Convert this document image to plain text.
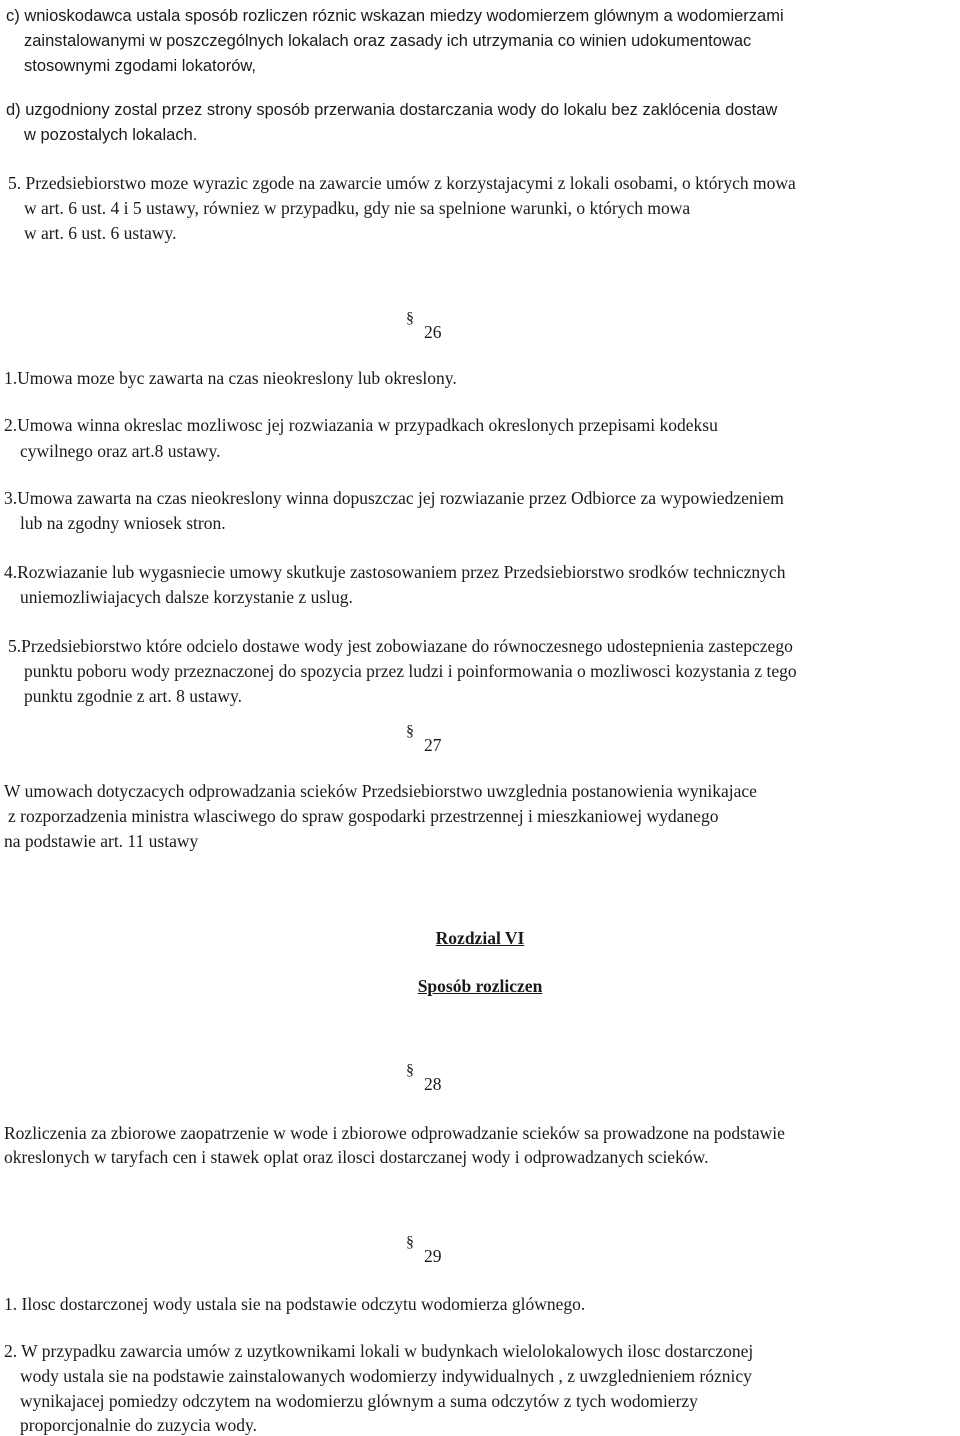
c) wnioskodawca ustala sposób rozliczen róznic wskazan miedzy wodomierzem glównym a wodomierzami
zainstalowanymi w poszczególnych lokalach oraz zasady ich utrzymania co winien udokumentowac
stosownymi zgodami lokatorów,
d) uzgodniony zostal przez strony sposób przerwania dostarczania wody do lokalu bez zaklócenia dostaw
w pozostalych lokalach.
5. Przedsiebiorstwo moze wyrazic zgode na zawarcie umów z korzystajacymi z lokali osobami, o których mowa
w art. 6 ust. 4 i 5 ustawy, równiez w przypadku, gdy nie sa spelnione warunki, o których mowa
w art. 6 ust. 6 ustawy.
§26
1.Umowa moze byc zawarta na czas nieokreslony lub okreslony.
2.Umowa winna okreslac mozliwosc jej rozwiazania w przypadkach okreslonych przepisami kodeksu
cywilnego oraz art.8 ustawy.
3.Umowa zawarta na czas nieokreslony winna dopuszczac jej rozwiazanie przez Odbiorce za wypowiedzeniem
lub na zgodny wniosek stron.
4.Rozwiazanie lub wygasniecie umowy skutkuje zastosowaniem przez Przedsiebiorstwo srodków technicznych
uniemozliwiajacych dalsze korzystanie z uslug.
5.Przedsiebiorstwo które odcielo dostawe wody jest zobowiazane do równoczesnego udostepnienia zastepczego
punktu poboru wody przeznaczonej do spozycia przez ludzi i poinformowania o mozliwosci kozystania z tego
punktu zgodnie z art. 8 ustawy.
§27
W umowach dotyczacych odprowadzania scieków Przedsiebiorstwo uwzglednia postanowienia wynikajace
z rozporzadzenia ministra wlasciwego do spraw gospodarki przestrzennej i mieszkaniowej wydanego
na podstawie art. 11 ustawy
Rozdzial VI
Sposób rozliczen
§28
Rozliczenia za zbiorowe zaopatrzenie w wode i zbiorowe odprowadzanie scieków sa prowadzone na podstawie
okreslonych w taryfach cen i stawek oplat oraz ilosci dostarczanej wody i odprowadzanych scieków.
§29
1. Ilosc dostarczonej wody ustala sie na podstawie odczytu wodomierza glównego.
2. W przypadku zawarcia umów z uzytkownikami lokali w budynkach wielolokalowych ilosc dostarczonej
wody ustala sie na podstawie zainstalowanych wodomierzy indywidualnych , z uwzglednieniem róznicy
wynikajacej pomiedzy odczytem na wodomierzu glównym a suma odczytów z tych wodomierzy
proporcjonalnie do zuzycia wody.
